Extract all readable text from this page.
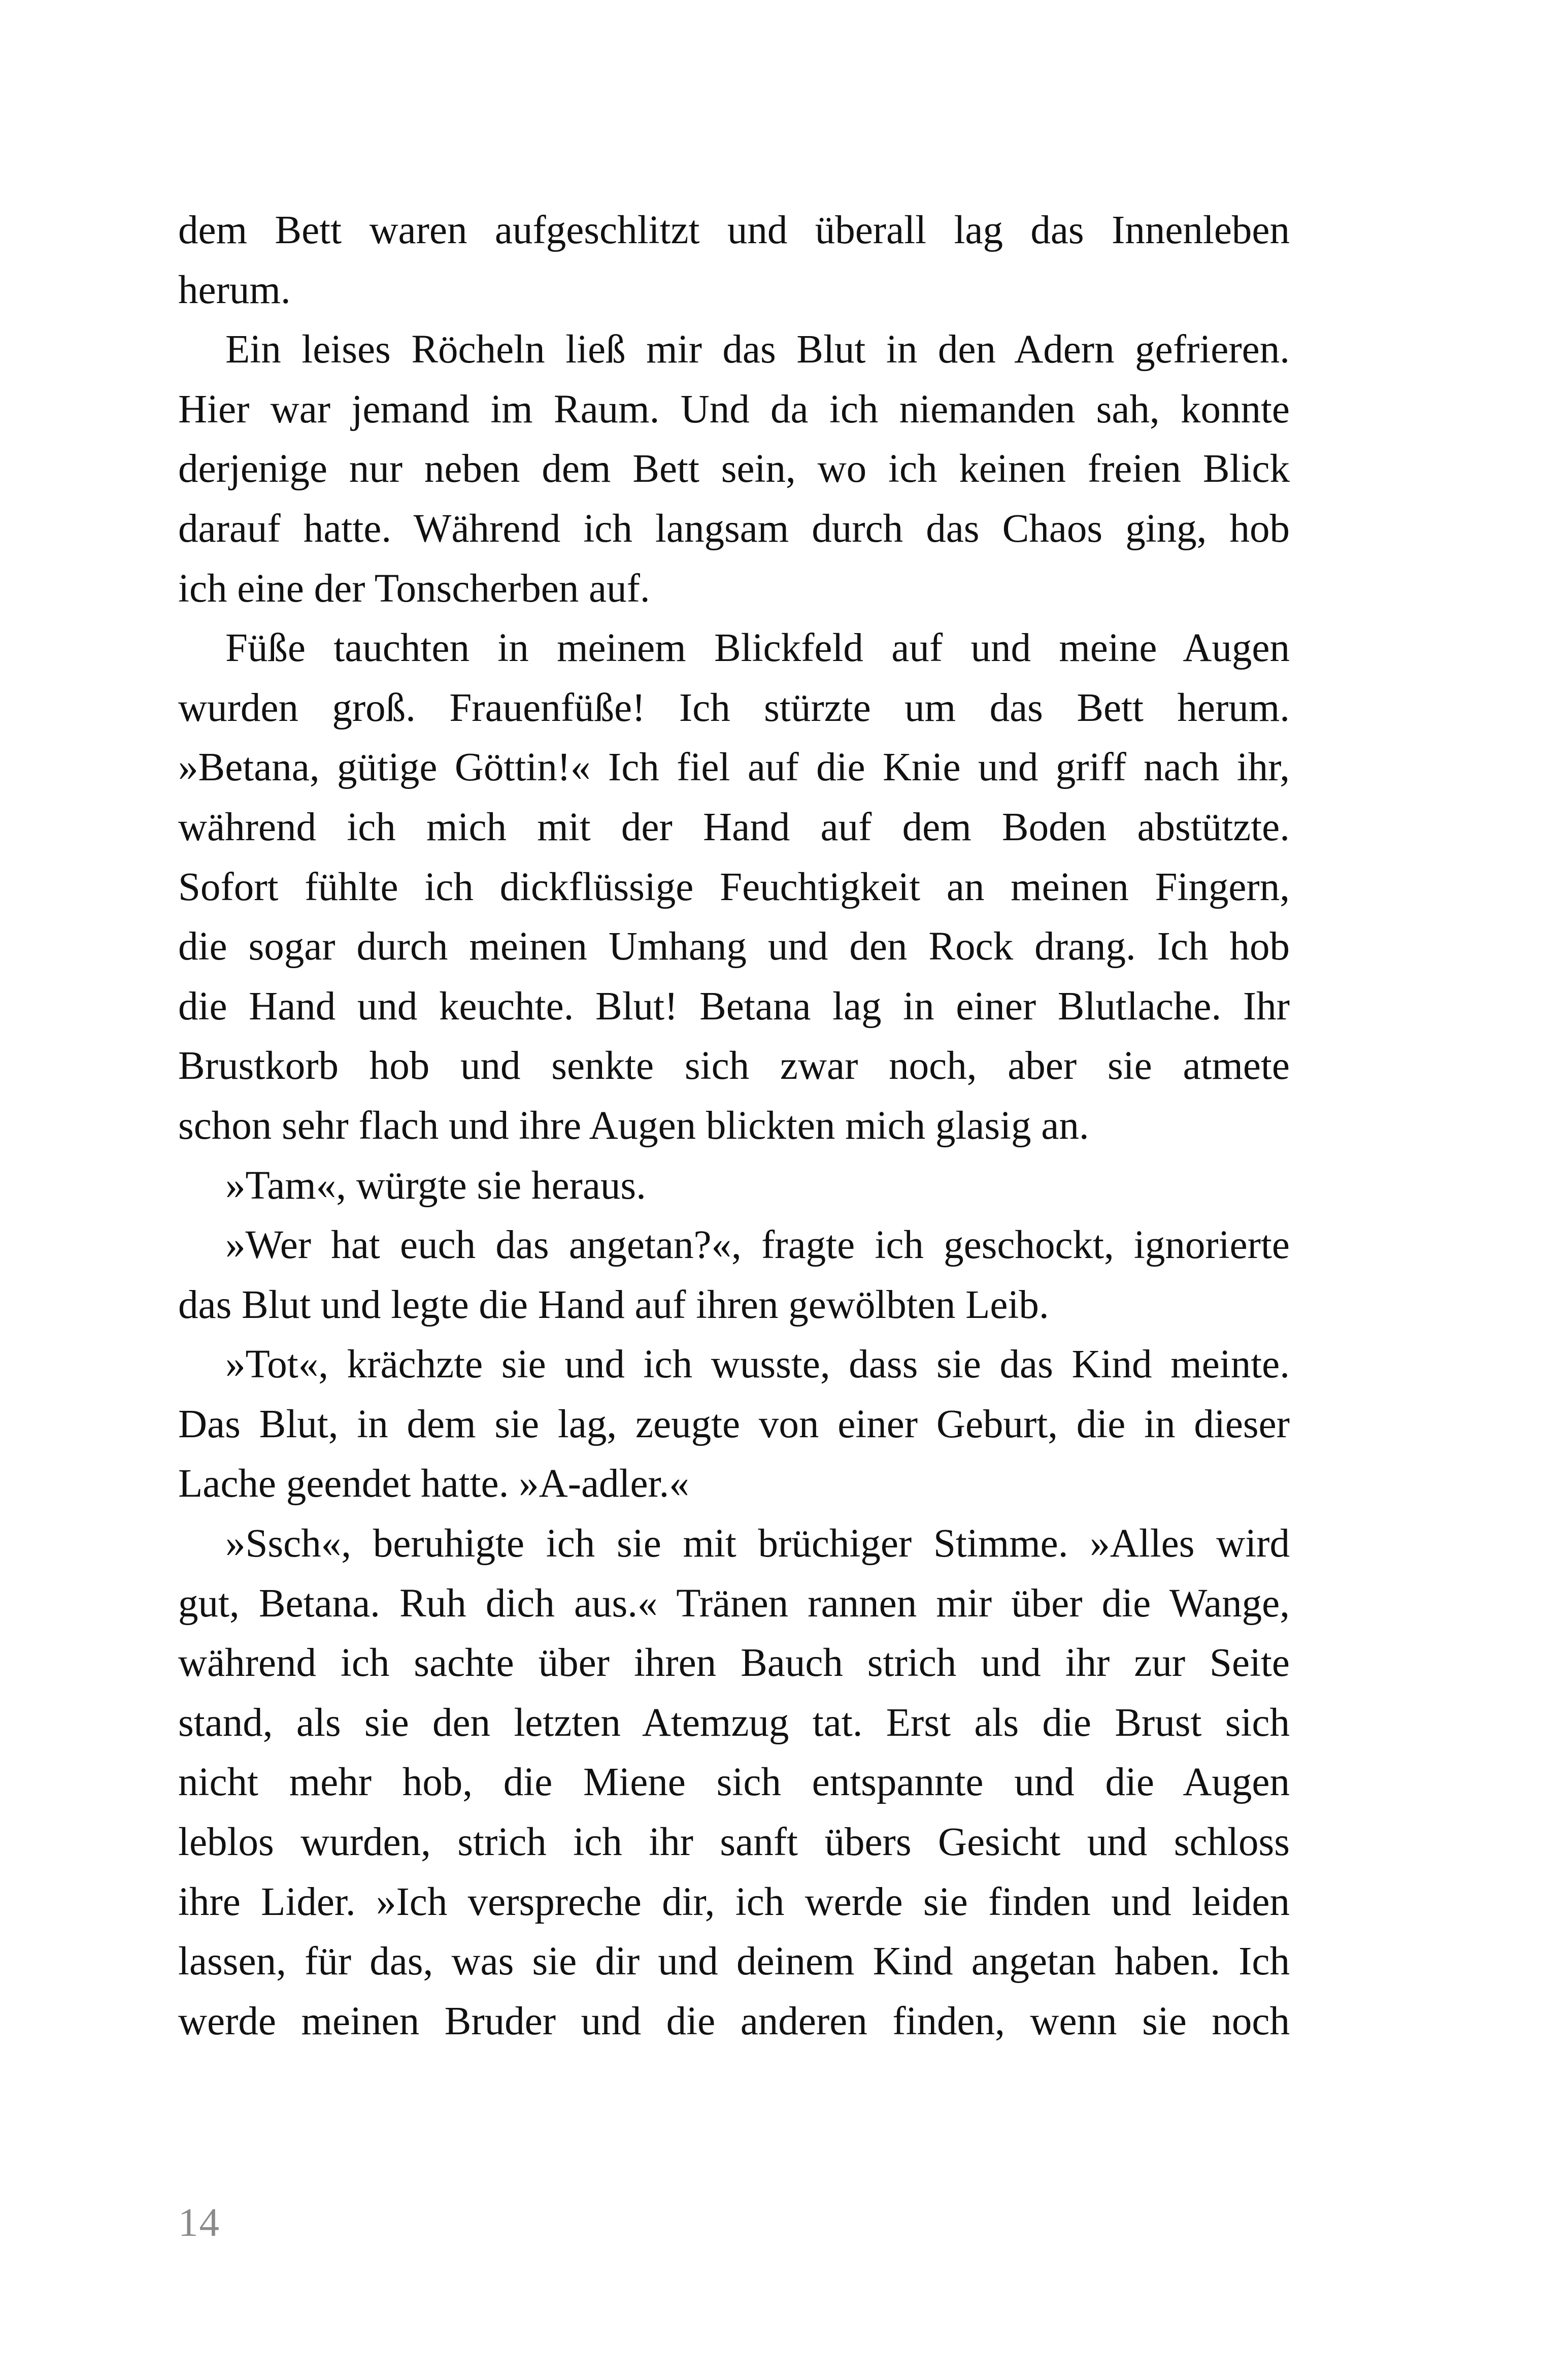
dem Bett waren aufgeschlitzt und überall lag das Innenleben
herum.
Ein leises Röcheln ließ mir das Blut in den Adern gefrieren.
Hier war jemand im Raum. Und da ich niemanden sah, konnte
derjenige nur neben dem Bett sein, wo ich keinen freien Blick
darauf hatte. Während ich langsam durch das Chaos ging, hob
ich eine der Tonscherben auf.
Füße tauchten in meinem Blickfeld auf und meine Augen
wurden groß. Frauenfüße! Ich stürzte um das Bett herum.
»Betana, gütige Göttin!« Ich fiel auf die Knie und griff nach ihr,
während ich mich mit der Hand auf dem Boden abstützte.
Sofort fühlte ich dickflüssige Feuchtigkeit an meinen Fingern,
die sogar durch meinen Umhang und den Rock drang. Ich hob
die Hand und keuchte. Blut! Betana lag in einer Blutlache. Ihr
Brustkorb hob und senkte sich zwar noch, aber sie atmete
schon sehr flach und ihre Augen blickten mich glasig an.
»Tam«, würgte sie heraus.
»Wer hat euch das angetan?«, fragte ich geschockt, ignorierte
das Blut und legte die Hand auf ihren gewölbten Leib.
»Tot«, krächzte sie und ich wusste, dass sie das Kind meinte.
Das Blut, in dem sie lag, zeugte von einer Geburt, die in dieser
Lache geendet hatte. »A-adler.«
»Ssch«, beruhigte ich sie mit brüchiger Stimme. »Alles wird
gut, Betana. Ruh dich aus.« Tränen rannen mir über die Wange,
während ich sachte über ihren Bauch strich und ihr zur Seite
stand, als sie den letzten Atemzug tat. Erst als die Brust sich
nicht mehr hob, die Miene sich entspannte und die Augen
leblos wurden, strich ich ihr sanft übers Gesicht und schloss
ihre Lider. »Ich verspreche dir, ich werde sie finden und leiden
lassen, für das, was sie dir und deinem Kind angetan haben. Ich
werde meinen Bruder und die anderen finden, wenn sie noch
14
